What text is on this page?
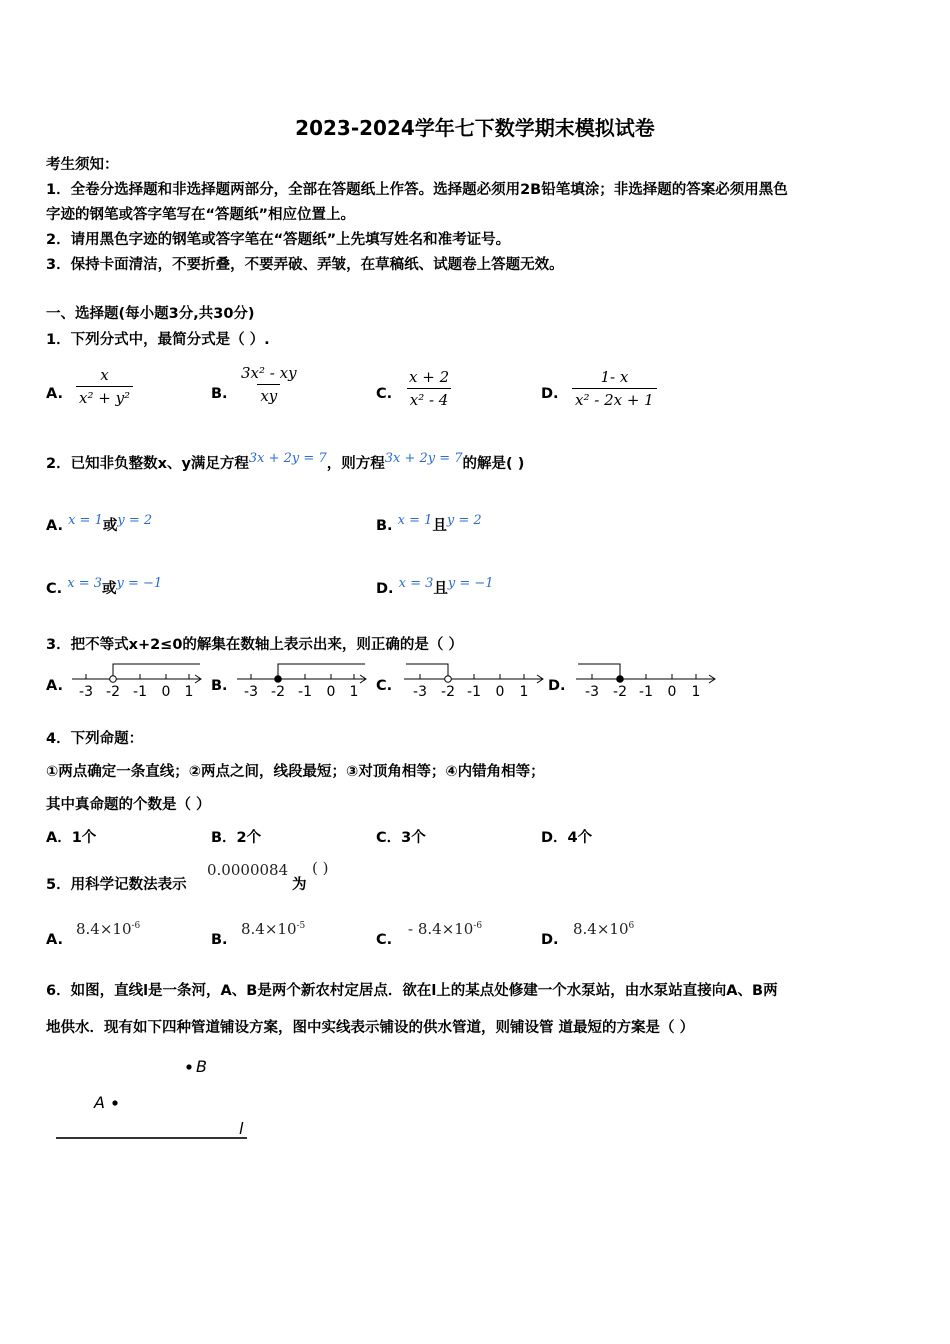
2023-2024学年七下数学期末模拟试卷
考生须知：
1．全卷分选择题和非选择题两部分，全部在答题纸上作答。选择题必须用2B铅笔填涂；非选择题的答案必须用黑色
字迹的钢笔或答字笔写在“答题纸”相应位置上。
2．请用黑色字迹的钢笔或答字笔在“答题纸”上先填写姓名和准考证号。
3．保持卡面清洁，不要折叠，不要弄破、弄皱，在草稿纸、试题卷上答题无效。
一、选择题(每小题3分,共30分)
1．下列分式中，最简分式是（ ）.
A. $\frac{x}{\text{x² + y²}}$	B. $\frac{\text{3x² - xy}}{xy}$	C. $\frac{x + 2}{\text{x² - 4}}$	D. $\frac{1- x}{\text{x² - 2x + 1}}$
2．已知非负整数x、y满足方程$^{3x + 2y = 7}$，则方程$^{3x + 2y = 7}$的解是( )
A. $^{x = 1}$或$^{y = 2}$	B. $^{x = 1}$且$^{y = 2}$
C. $^{x = 3}$或$^{y = -1}$	D. $^{x = 3}$且$^{y = -1}$
3．把不等式x+2≤0的解集在数轴上表示出来，则正确的是（ ）
A. -3 -2 -1 0 1 B. -3 -2 -1 0 1 C. -3 -2 -1 0 1 D. -3 -2 -1 0 1
4．下列命题：
①两点确定一条直线；②两点之间，线段最短；③对顶角相等；④内错角相等；
其中真命题的个数是（ ）
A．1个	B．2个	C．3个	D．4个
5．用科学记数法表示
0.0000084
为
( )
A.
$8.4\times 10^{-6}$
B.
$8.4\times 10^{-5}$
C.
- $8.4\times 10^{-6}$
D.
$8.4\times 10^6$
6．如图，直线l是一条河，A、B是两个新农村定居点．欲在l上的某点处修建一个水泵站，由水泵站直接向A、B两
地供水．现有如下四种管道铺设方案，图中实线表示铺设的供水管道，则铺设管 道最短的方案是（ ）
B
A
l
